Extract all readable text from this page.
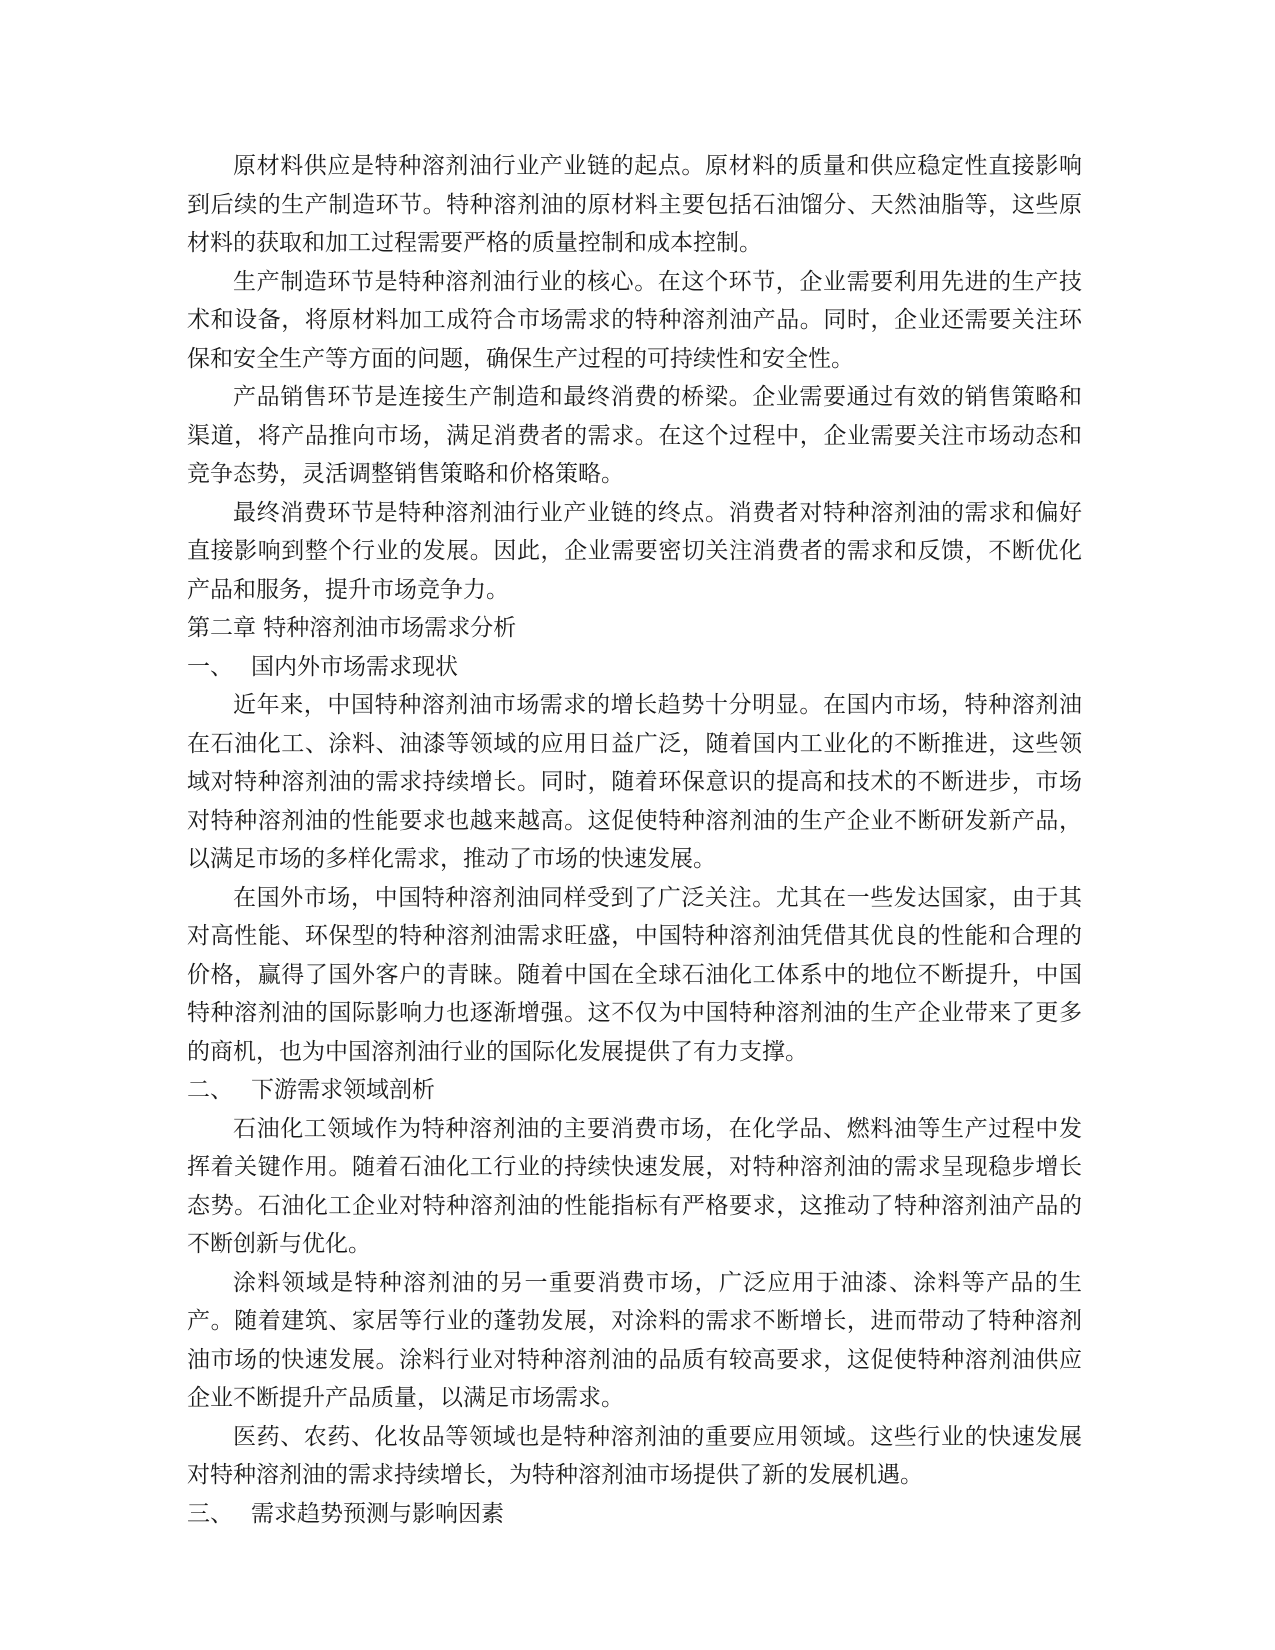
原材料供应是特种溶剂油行业产业链的起点。原材料的质量和供应稳定性直接影响到后续的生产制造环节。特种溶剂油的原材料主要包括石油馏分、天然油脂等，这些原材料的获取和加工过程需要严格的质量控制和成本控制。

生产制造环节是特种溶剂油行业的核心。在这个环节，企业需要利用先进的生产技术和设备，将原材料加工成符合市场需求的特种溶剂油产品。同时，企业还需要关注环保和安全生产等方面的问题，确保生产过程的可持续性和安全性。

产品销售环节是连接生产制造和最终消费的桥梁。企业需要通过有效的销售策略和渠道，将产品推向市场，满足消费者的需求。在这个过程中，企业需要关注市场动态和竞争态势，灵活调整销售策略和价格策略。

最终消费环节是特种溶剂油行业产业链的终点。消费者对特种溶剂油的需求和偏好直接影响到整个行业的发展。因此，企业需要密切关注消费者的需求和反馈，不断优化产品和服务，提升市场竞争力。

第二章 特种溶剂油市场需求分析

一、 国内外市场需求现状

近年来，中国特种溶剂油市场需求的增长趋势十分明显。在国内市场，特种溶剂油在石油化工、涂料、油漆等领域的应用日益广泛，随着国内工业化的不断推进，这些领域对特种溶剂油的需求持续增长。同时，随着环保意识的提高和技术的不断进步，市场对特种溶剂油的性能要求也越来越高。这促使特种溶剂油的生产企业不断研发新产品，以满足市场的多样化需求，推动了市场的快速发展。

在国外市场，中国特种溶剂油同样受到了广泛关注。尤其在一些发达国家，由于其对高性能、环保型的特种溶剂油需求旺盛，中国特种溶剂油凭借其优良的性能和合理的价格，赢得了国外客户的青睐。随着中国在全球石油化工体系中的地位不断提升，中国特种溶剂油的国际影响力也逐渐增强。这不仅为中国特种溶剂油的生产企业带来了更多的商机，也为中国溶剂油行业的国际化发展提供了有力支撑。

二、 下游需求领域剖析

石油化工领域作为特种溶剂油的主要消费市场，在化学品、燃料油等生产过程中发挥着关键作用。随着石油化工行业的持续快速发展，对特种溶剂油的需求呈现稳步增长态势。石油化工企业对特种溶剂油的性能指标有严格要求，这推动了特种溶剂油产品的不断创新与优化。

涂料领域是特种溶剂油的另一重要消费市场，广泛应用于油漆、涂料等产品的生产。随着建筑、家居等行业的蓬勃发展，对涂料的需求不断增长，进而带动了特种溶剂油市场的快速发展。涂料行业对特种溶剂油的品质有较高要求，这促使特种溶剂油供应企业不断提升产品质量，以满足市场需求。

医药、农药、化妆品等领域也是特种溶剂油的重要应用领域。这些行业的快速发展对特种溶剂油的需求持续增长，为特种溶剂油市场提供了新的发展机遇。

三、 需求趋势预测与影响因素
